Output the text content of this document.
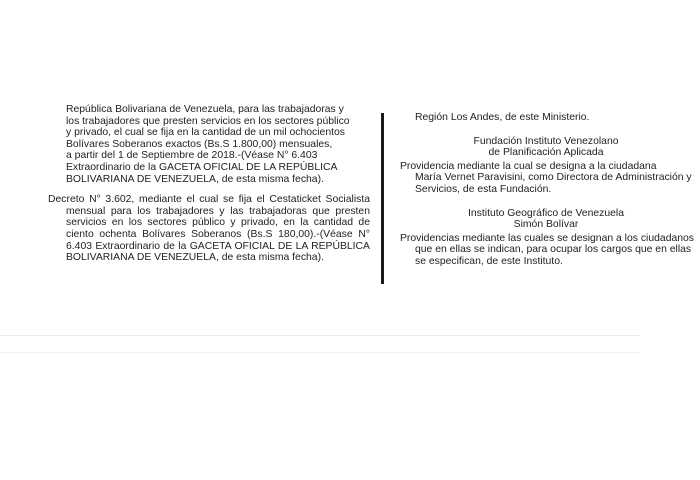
República Bolivariana de Venezuela, para las trabajadoras y
los trabajadores que presten servicios en los sectores público
y privado, el cual se fija en la cantidad de un mil ochocientos
Bolívares Soberanos exactos (Bs.S 1.800,00) mensuales,
a partir del 1 de Septiembre de 2018.-(Véase N° 6.403
Extraordinario de la GACETA OFICIAL DE LA REPÚBLICA
BOLIVARIANA DE VENEZUELA, de esta misma fecha).

Decreto N° 3.602, mediante el cual se fija el Cestaticket Socialista mensual para los trabajadores y las trabajadoras que presten servicios en los sectores público y privado, en la cantidad de ciento ochenta Bolívares Soberanos (Bs.S 180,00).-(Véase N° 6.403 Extraordinario de la GACETA OFICIAL DE LA REPÚBLICA BOLIVARIANA DE VENEZUELA, de esta misma fecha).

Región Los Andes, de este Ministerio.
Fundación Instituto Venezolano
de Planificación Aplicada

Providencia mediante la cual se designa a la ciudadana
María Vernet Paravisini, como Directora de Administración y
Servicios, de esta Fundación.

Instituto Geográfico de Venezuela
Simón Bolívar

Providencias mediante las cuales se designan a los ciudadanos
que en ellas se indican, para ocupar los cargos que en ellas
se especifican, de este Instituto.
